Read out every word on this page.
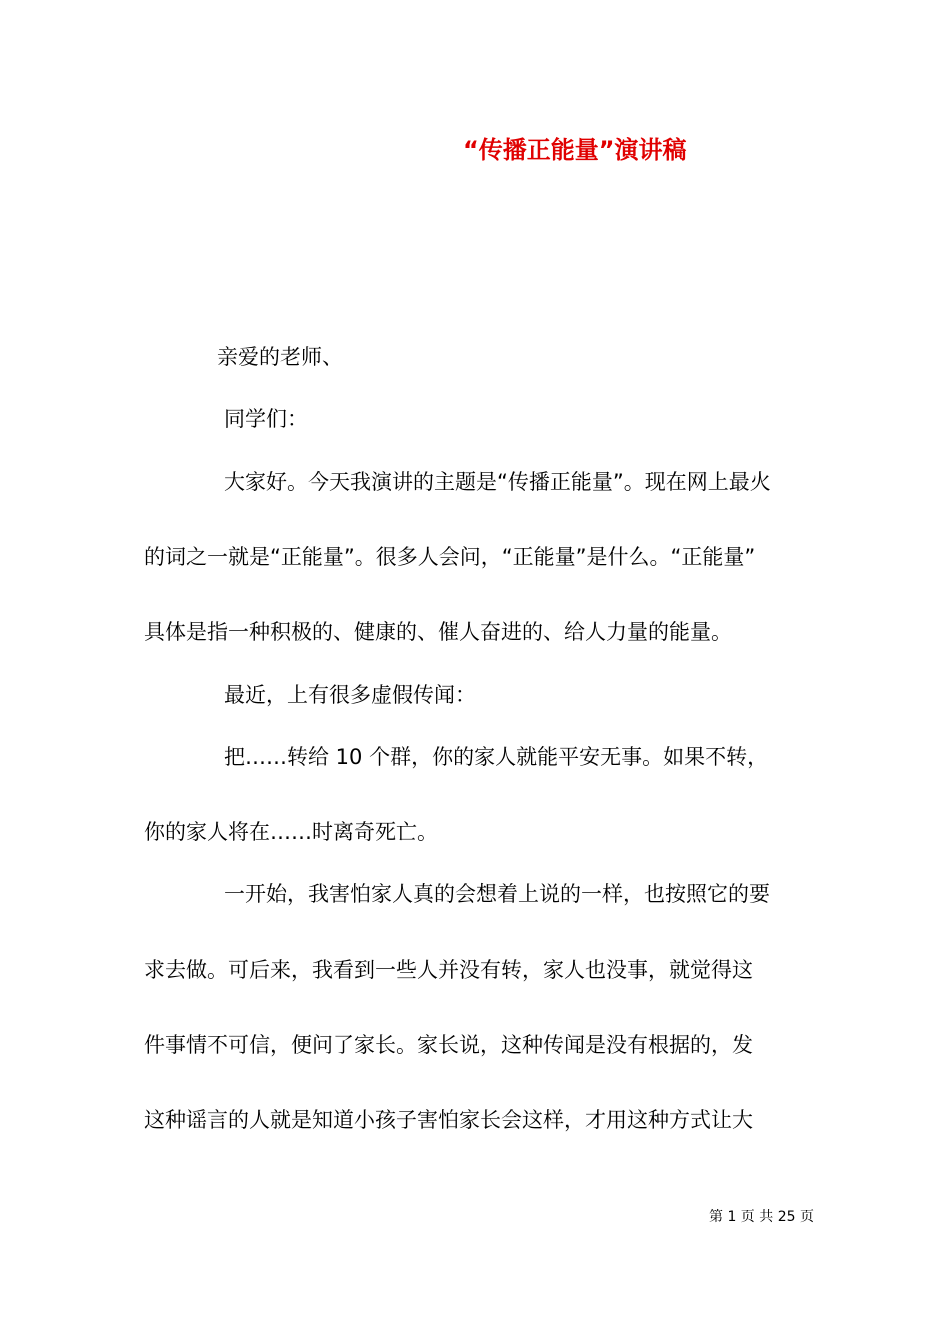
“传播正能量”演讲稿

亲爱的老师、

同学们：

大家好。今天我演讲的主题是“传播正能量”。现在网上最火

的词之一就是“正能量”。很多人会问，“正能量”是什么。“正能量”

具体是指一种积极的、健康的、催人奋进的、给人力量的能量。

最近，上有很多虚假传闻：

把……转给 10 个群，你的家人就能平安无事。如果不转，

你的家人将在……时离奇死亡。

一开始，我害怕家人真的会想着上说的一样，也按照它的要

求去做。可后来，我看到一些人并没有转，家人也没事，就觉得这

件事情不可信，便问了家长。家长说，这种传闻是没有根据的，发

这种谣言的人就是知道小孩子害怕家长会这样，才用这种方式让大

第 1 页 共 25 页
